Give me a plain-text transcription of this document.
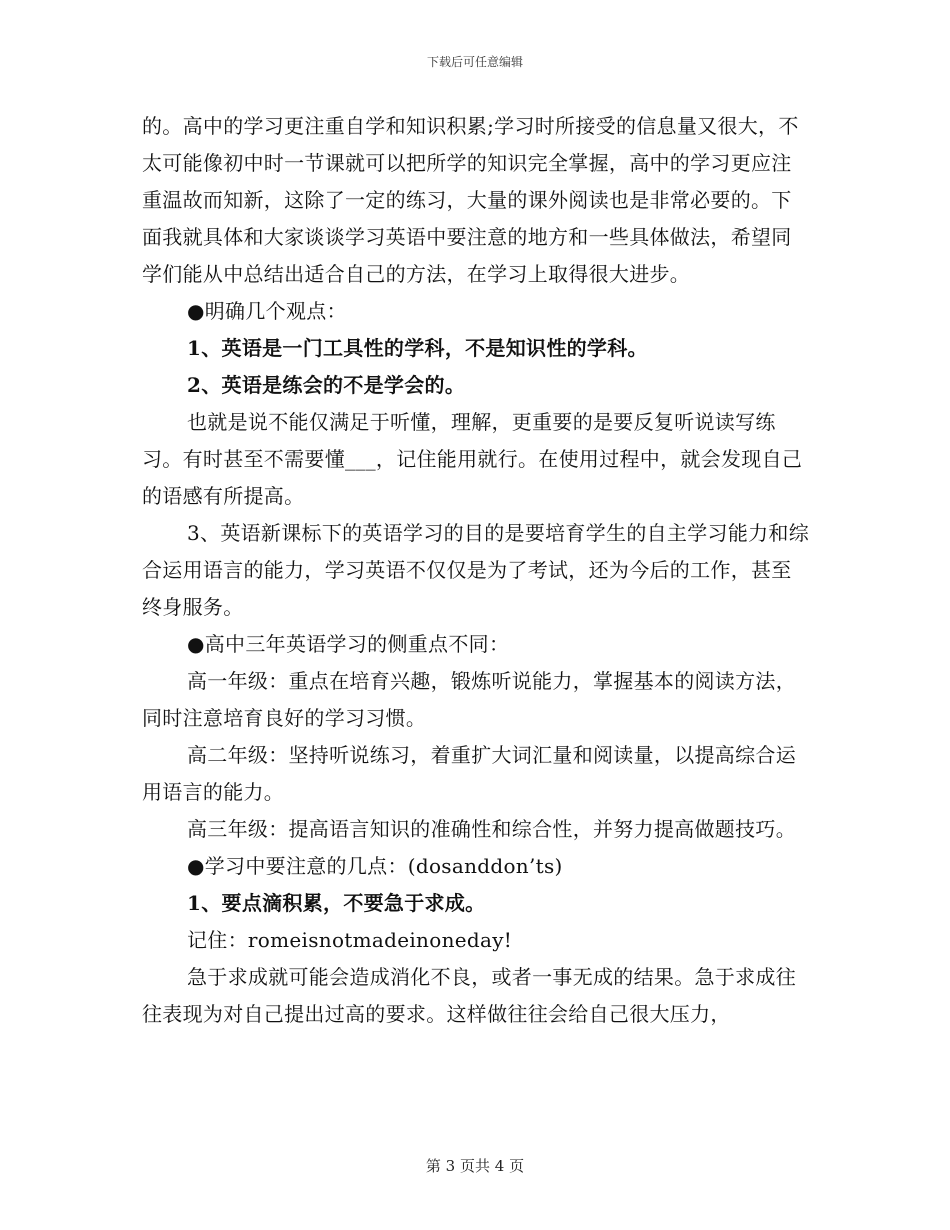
下载后可任意编辑

的。高中的学习更注重自学和知识积累;学习时所接受的信息量又很大，不太可能像初中时一节课就可以把所学的知识完全掌握，高中的学习更应注重温故而知新，这除了一定的练习，大量的课外阅读也是非常必要的。下面我就具体和大家谈谈学习英语中要注意的地方和一些具体做法，希望同学们能从中总结出适合自己的方法，在学习上取得很大进步。

●明确几个观点：

1、英语是一门工具性的学科，不是知识性的学科。

2、英语是练会的不是学会的。

也就是说不能仅满足于听懂，理解，更重要的是要反复听说读写练习。有时甚至不需要懂___，记住能用就行。在使用过程中，就会发现自己的语感有所提高。

3、英语新课标下的英语学习的目的是要培育学生的自主学习能力和综合运用语言的能力，学习英语不仅仅是为了考试，还为今后的工作，甚至终身服务。

●高中三年英语学习的侧重点不同：

高一年级：重点在培育兴趣，锻炼听说能力，掌握基本的阅读方法，同时注意培育良好的学习习惯。

高二年级：坚持听说练习，着重扩大词汇量和阅读量，以提高综合运用语言的能力。

高三年级：提高语言知识的准确性和综合性，并努力提高做题技巧。

●学习中要注意的几点：(dosanddon’ts)

1、要点滴积累，不要急于求成。

记住：romeisnotmadeinoneday!

急于求成就可能会造成消化不良，或者一事无成的结果。急于求成往往表现为对自己提出过高的要求。这样做往往会给自己很大压力，

第 3 页共 4 页
